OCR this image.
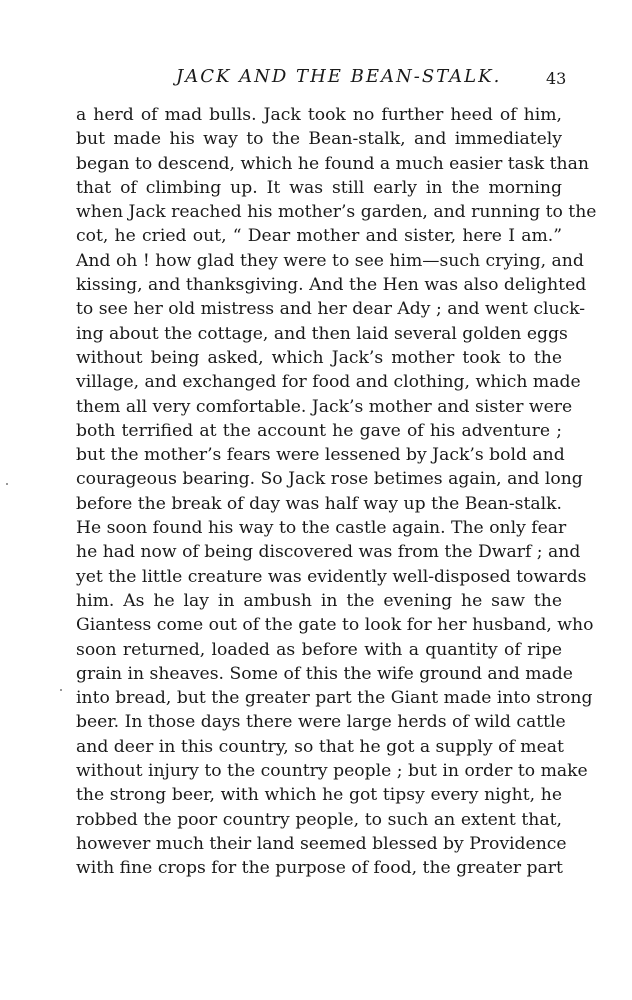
JACK AND THE BEAN-STALK.	43
a herd of mad bulls. Jack took no further heed of him,
but made his way to the Bean-stalk, and immediately
began to descend, which he found a much easier task than
that of climbing up. It was still early in the morning
when Jack reached his mother’s garden, and running to the
cot, he cried out, “ Dear mother and sister, here I am.”
And oh ! how glad they were to see him—such crying, and
kissing, and thanksgiving. And the Hen was also delighted
to see her old mistress and her dear Ady ; and went cluck-
ing about the cottage, and then laid several golden eggs
without being asked, which Jack’s mother took to the
village, and exchanged for food and clothing, which made
them all very comfortable. Jack’s mother and sister were
both terrified at the account he gave of his adventure ;
but the mother’s fears were lessened by Jack’s bold and
courageous bearing. So Jack rose betimes again, and long
before the break of day was half way up the Bean-stalk.
He soon found his way to the castle again. The only fear
he had now of being discovered was from the Dwarf ; and
yet the little creature was evidently well-disposed towards
him. As he lay in ambush in the evening he saw the
Giantess come out of the gate to look for her husband, who
soon returned, loaded as before with a quantity of ripe
grain in sheaves. Some of this the wife ground and made
into bread, but the greater part the Giant made into strong
beer. In those days there were large herds of wild cattle
and deer in this country, so that he got a supply of meat
without injury to the country people ; but in order to make
the strong beer, with which he got tipsy every night, he
robbed the poor country people, to such an extent that,
however much their land seemed blessed by Providence
with fine crops for the purpose of food, the greater part
